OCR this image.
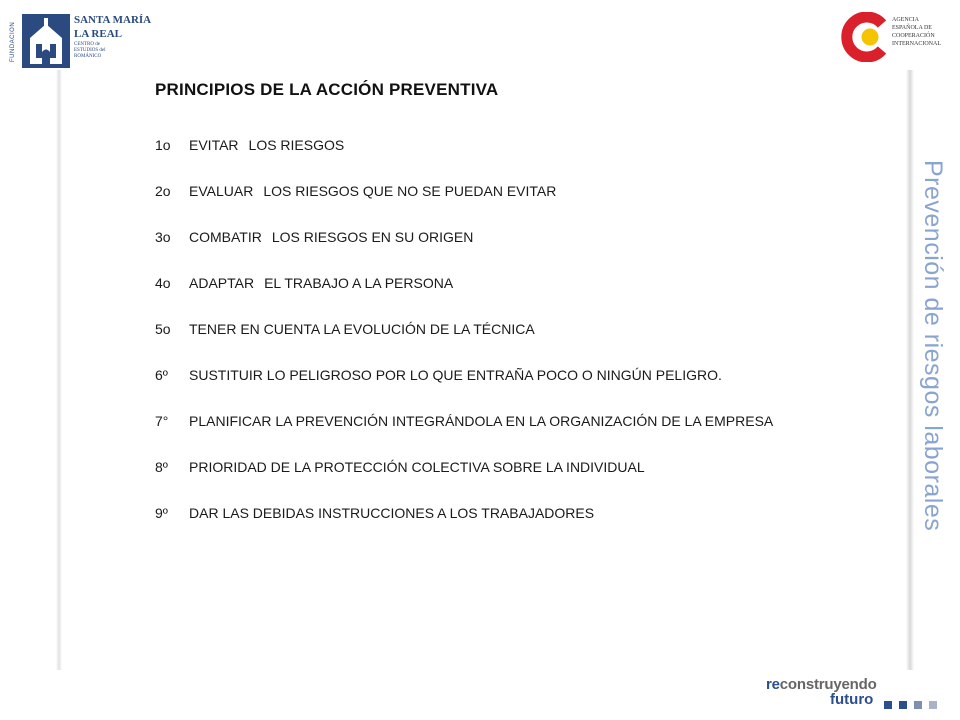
FUNDACIÓN
SANTA MARÍA
LA REAL
CENTRO de
ESTUDIOS del
ROMÁNICO
AGENCIA
ESPAÑOLA DE
COOPERACIÓN
INTERNACIONAL
Prevención de riesgos laborales
PRINCIPIOS DE LA ACCIÓN PREVENTIVA
1o	EVITAR LOS RIESGOS
2o	EVALUAR LOS RIESGOS QUE NO SE PUEDAN EVITAR
3o	COMBATIR LOS RIESGOS EN SU ORIGEN
4o	ADAPTAR EL TRABAJO A LA PERSONA
5o	TENER EN CUENTA LA EVOLUCIÓN DE LA TÉCNICA
6º	SUSTITUIR LO PELIGROSO POR LO QUE ENTRAÑA POCO O NINGÚN PELIGRO.
7°	PLANIFICAR LA PREVENCIÓN INTEGRÁNDOLA EN LA ORGANIZACIÓN DE LA EMPRESA
8º	PRIORIDAD DE LA PROTECCIÓN COLECTIVA SOBRE LA INDIVIDUAL
9º	DAR LAS DEBIDAS INSTRUCCIONES A LOS TRABAJADORES
reconstruyendo
futuro
